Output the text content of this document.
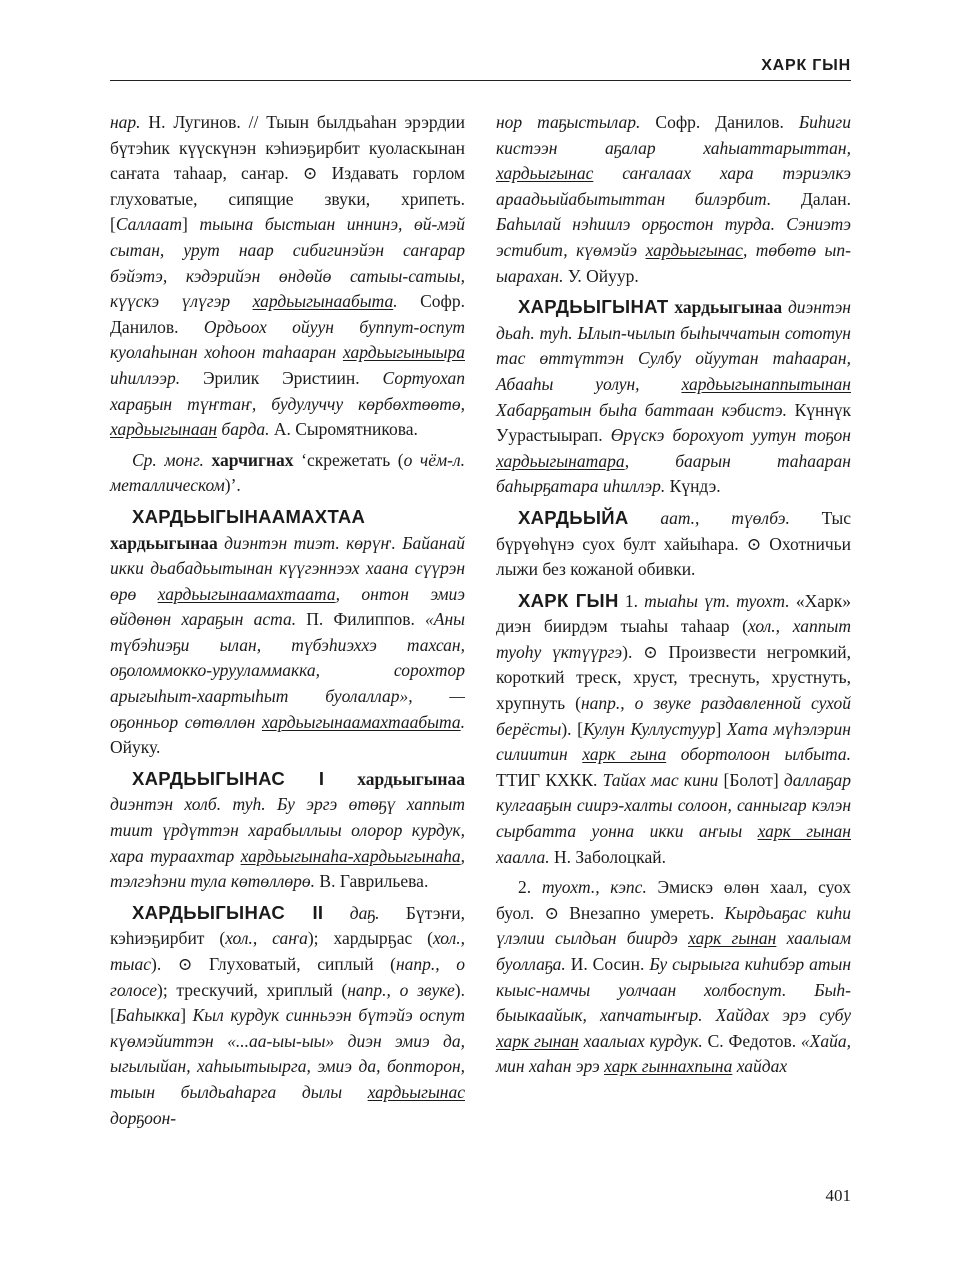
ХАРК ГЫН

нар. Н. Лугинов. // Тыын былдьаһан эрэрдии бүтэһик күүскүнэн кэһиэҕирбит куоласкынан саҥата таһаар, саҥар. ⊙ Издавать горлом глуховатые, сипящие звуки, хрипеть. [Саллаат] тыына быстыан иннинэ, өй-мэй сытан, урут наар сибигинэйэн саҥарар бэйэтэ, кэдэрийэн өндөйө сатыы-сатыы, күүскэ үлүгэр хардьыгынаабыта. Софр. Данилов. Ордьоох ойуун буппут-оспут куолаһынан хоһоон таһааран хардьыгыныыра иһиллээр. Эрилик Эристиин. Сортуохап хараҕын түҥтаҥ, будулуччу көрбөхтөөтө, хардьыгынаан барда. А. Сыромятникова.

Ср. монг. харчигнах ‘скрежетать (о чём-л. металлическом)’.

ХАРДЬЫГЫНААМАХТАА хардьыгынаа диэнтэн тиэт. көрүҥ. Байанай икки дьабадьытынан күүгэннээх хаана сүүрэн өрө хардьыгынаамахтаата, онтон эмиэ өйдөнөн хараҕын аста. П. Филиппов. «Аны түбэһиэҕи ылан, түбэһиэххэ тахсан, оҕоломмокко-урууламмакка, сорохтор арыгыһыт-хаартыһыт буолаллар», — оҕонньор сөтөллөн хардьыгынаамахтаабыта. Ойуку.

ХАРДЬЫГЫНАС I хардьыгынаа диэнтэн холб. туһ. Бу эргэ өтөҕү хаппыт тиит үрдүттэн харабыллыы олорор курдук, хара тураахтар хардьыгынаһа-хардьыгынаһа, тэлгэһэни тула көтөллөрө. В. Гаврильева.

ХАРДЬЫГЫНАС II даҕ. Бүтэҥи, кэһиэҕирбит (хол., саҥа); хардырҕас (хол., тыас). ⊙ Глуховатый, сиплый (напр., о голосе); трескучий, хриплый (напр., о звуке). [Баһыкка] Кыл курдук синньээн бүтэйэ оспут күөмэйиттэн «...аа-ыы-ыы» диэн эмиэ да, ыгылыйан, хаһыытыырга, эмиэ да, бопторон, тыын былдьаһарга дылы хардьыгынас дорҕоон-

нор таҕыстылар. Софр. Данилов. Биһиги кистээн аҕалар хаһыаттарыттан, хардьыгынас саҥалаах хара тэриэлкэ араадьыйабытыттан билэрбит. Далан. Баһылай нэһиилэ орҕостон турда. Сэниэтэ эстибит, күөмэйэ хардьыгынас, төбөтө ып-ыарахан. У. Ойуур.

ХАРДЬЫГЫНАТ хардьыгынаа диэнтэн дьаһ. туһ. Ылып-чылып быһыччатын сототун тас өттүттэн Сулбу ойуутан таһааран, Абааһы уолун, хардьыгынаппытынан Хабарҕатын быһа баттаан кэбистэ. Күннүк Уурастыырап. Өрүскэ борохуот уутун тоҕон хардьыгынатара, баарын таһааран баһырҕатара иһиллэр. Күндэ.

ХАРДЬЫЙА аат., түөлбэ. Тыс бүрүөһүнэ суох булт хайыһара. ⊙ Охотничьи лыжи без кожаной обивки.

ХАРК ГЫН 1. тыаһы үт. туохт. «Харк» диэн биирдэм тыаһы таһаар (хол., хаппыт туоһу үктүүргэ). ⊙ Произвести негромкий, короткий треск, хруст, треснуть, хрустнуть, хрупнуть (напр., о звуке раздавленной сухой берёсты). [Кулун Куллустуур] Хата мүһэлэрин силиитин харк гына обортолоон ылбыта. ТТИГ КХКК. Тайах мас кини [Болот] даллаҕар кулгааҕын сиирэ-халты солоон, санныгар кэлэн сырбатта уонна икки аҥыы харк гынан хаалла. Н. Заболоцкай.

2. туохт., кэпс. Эмискэ өлөн хаал, суох буол. ⊙ Внезапно умереть. Кырдьаҕас киһи үлэлии сылдьан биирдэ харк гынан хаалыам буоллаҕа. И. Сосин. Бу сырыыга киһибэр атын кыыс-намчы уолчаан холбоспут. Быһ-быыкаайык, хапчатыҥыр. Хайдах эрэ субу харк гынан хаалыах курдук. С. Федотов. «Хайа, мин хаһан эрэ харк гыннахпына хайдах

401
